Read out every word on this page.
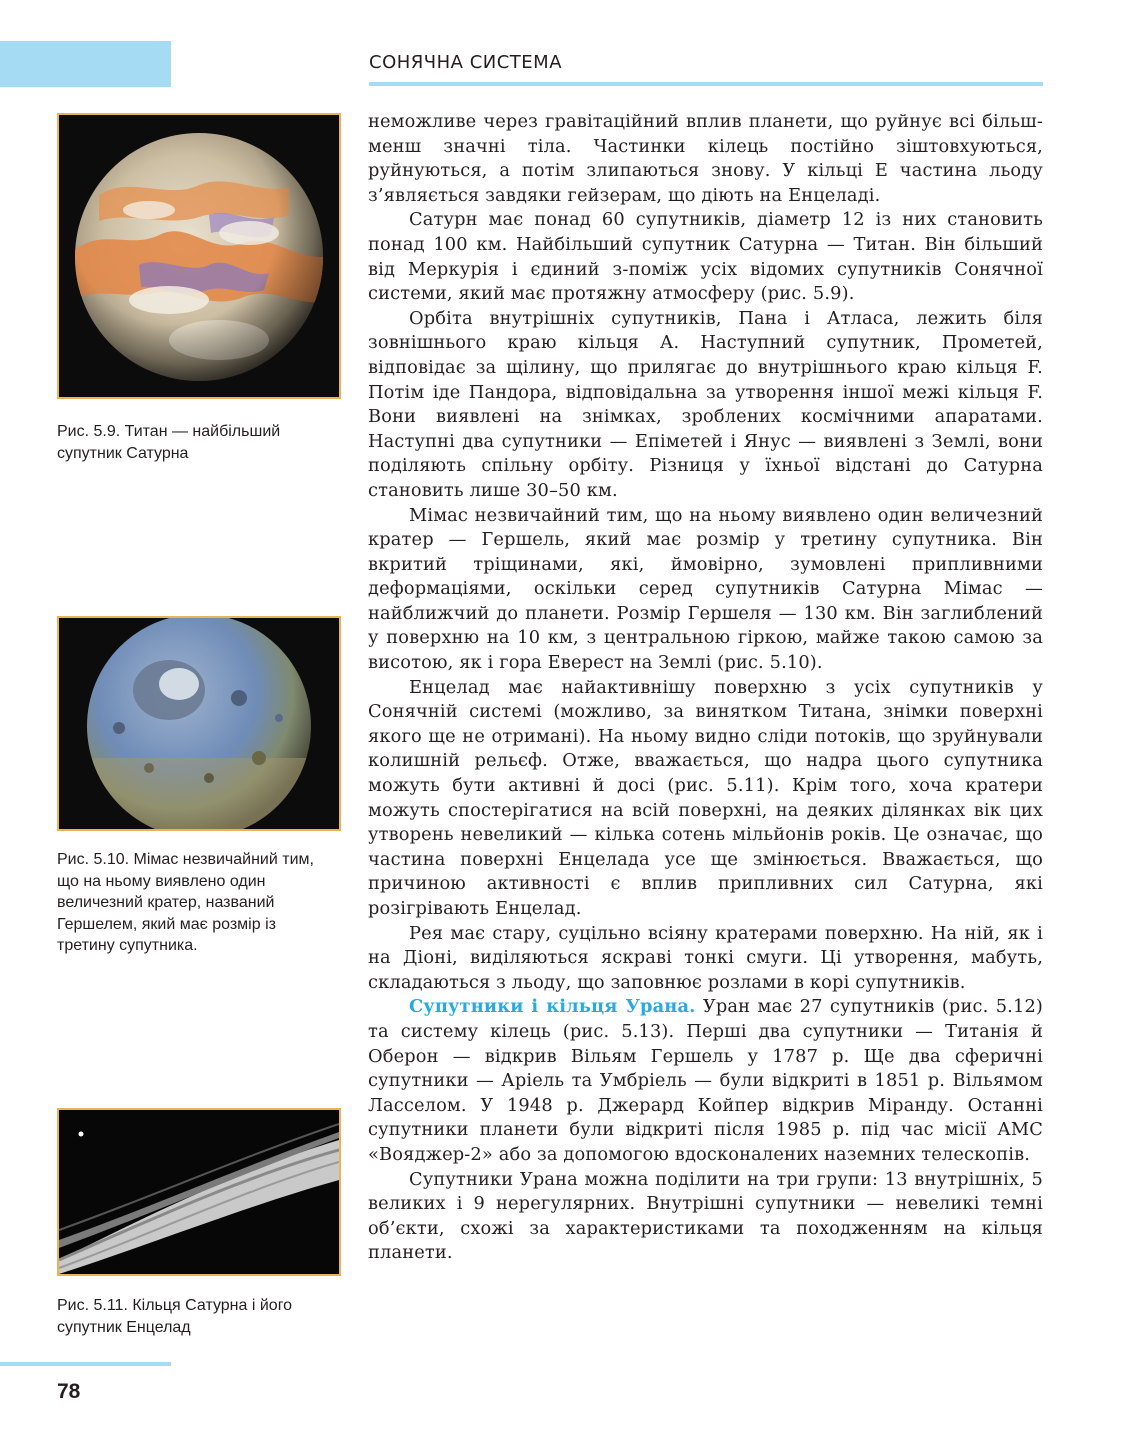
СОНЯЧНА СИСТЕМА
Рис. 5.9. Титан — найбільший супутник Сатурна
Рис. 5.10. Мімас незвичайний тим, що на ньому виявлено один величезний кратер, названий Гершелем, який має розмір із третину супутника.
Рис. 5.11. Кільця Сатурна і його супутник Енцелад

неможливе через гравітаційний вплив планети, що руйнує всі більш-менш значні тіла. Частинки кілець постійно зіштовхуються, руйнуються, а потім злипаються знову. У кільці Е частина льоду з’являється завдяки гейзерам, що діють на Енцеладі.

Сатурн має понад 60 супутників, діаметр 12 із них становить понад 100 км. Найбільший супутник Сатурна — Титан. Він більший від Меркурія і єдиний з-поміж усіх відомих супутників Сонячної системи, який має протяжну атмосферу (рис. 5.9).

Орбіта внутрішніх супутників, Пана і Атласа, лежить біля зовнішнього краю кільця А. Наступний супутник, Прометей, відповідає за щілину, що прилягає до внутрішнього краю кільця F. Потім іде Пандора, відповідальна за утворення іншої межі кільця F. Вони виявлені на знімках, зроблених космічними апаратами. Наступні два супутники — Епіметей і Янус — виявлені з Землі, вони поділяють спільну орбіту. Різниця у їхньої відстані до Сатурна становить лише 30–50 км.

Мімас незвичайний тим, що на ньому виявлено один величезний кратер — Гершель, який має розмір у третину супутника. Він вкритий тріщинами, які, ймовірно, зумовлені припливними деформаціями, оскільки серед супутників Сатурна Мімас — найближчий до планети. Розмір Гершеля — 130 км. Він заглиблений у поверхню на 10 км, з центральною гіркою, майже такою самою за висотою, як і гора Еверест на Землі (рис. 5.10).

Енцелад має найактивнішу поверхню з усіх супутників у Сонячній системі (можливо, за винятком Титана, знімки поверхні якого ще не отримані). На ньому видно сліди потоків, що зруйнували колишній рельєф. Отже, вважається, що надра цього супутника можуть бути активні й досі (рис. 5.11). Крім того, хоча кратери можуть спостерігатися на всій поверхні, на деяких ділянках вік цих утворень невеликий — кілька сотень мільйонів років. Це означає, що частина поверхні Енцелада усе ще змінюється. Вважається, що причиною активності є вплив припливних сил Сатурна, які розігрівають Енцелад.

Рея має стару, суцільно всіяну кратерами поверхню. На ній, як і на Діоні, виділяються яскраві тонкі смуги. Ці утворення, мабуть, складаються з льоду, що заповнює розлами в корі супутників.

Супутники і кільця Урана. Уран має 27 супутників (рис. 5.12) та систему кілець (рис. 5.13). Перші два супутники — Титанія й Оберон — відкрив Вільям Гершель у 1787 р. Ще два сферичні супутники — Аріель та Умбріель — були відкриті в 1851 р. Вільямом Ласселом. У 1948 р. Джерард Койпер відкрив Міранду. Останні супутники планети були відкриті після 1985 р. під час місії АМС «Вояджер-2» або за допомогою вдосконалених наземних телескопів.

Супутники Урана можна поділити на три групи: 13 внутрішніх, 5 великих і 9 нерегулярних. Внутрішні супутники — невеликі темні об’єкти, схожі за характеристиками та походженням на кільця планети.

78
